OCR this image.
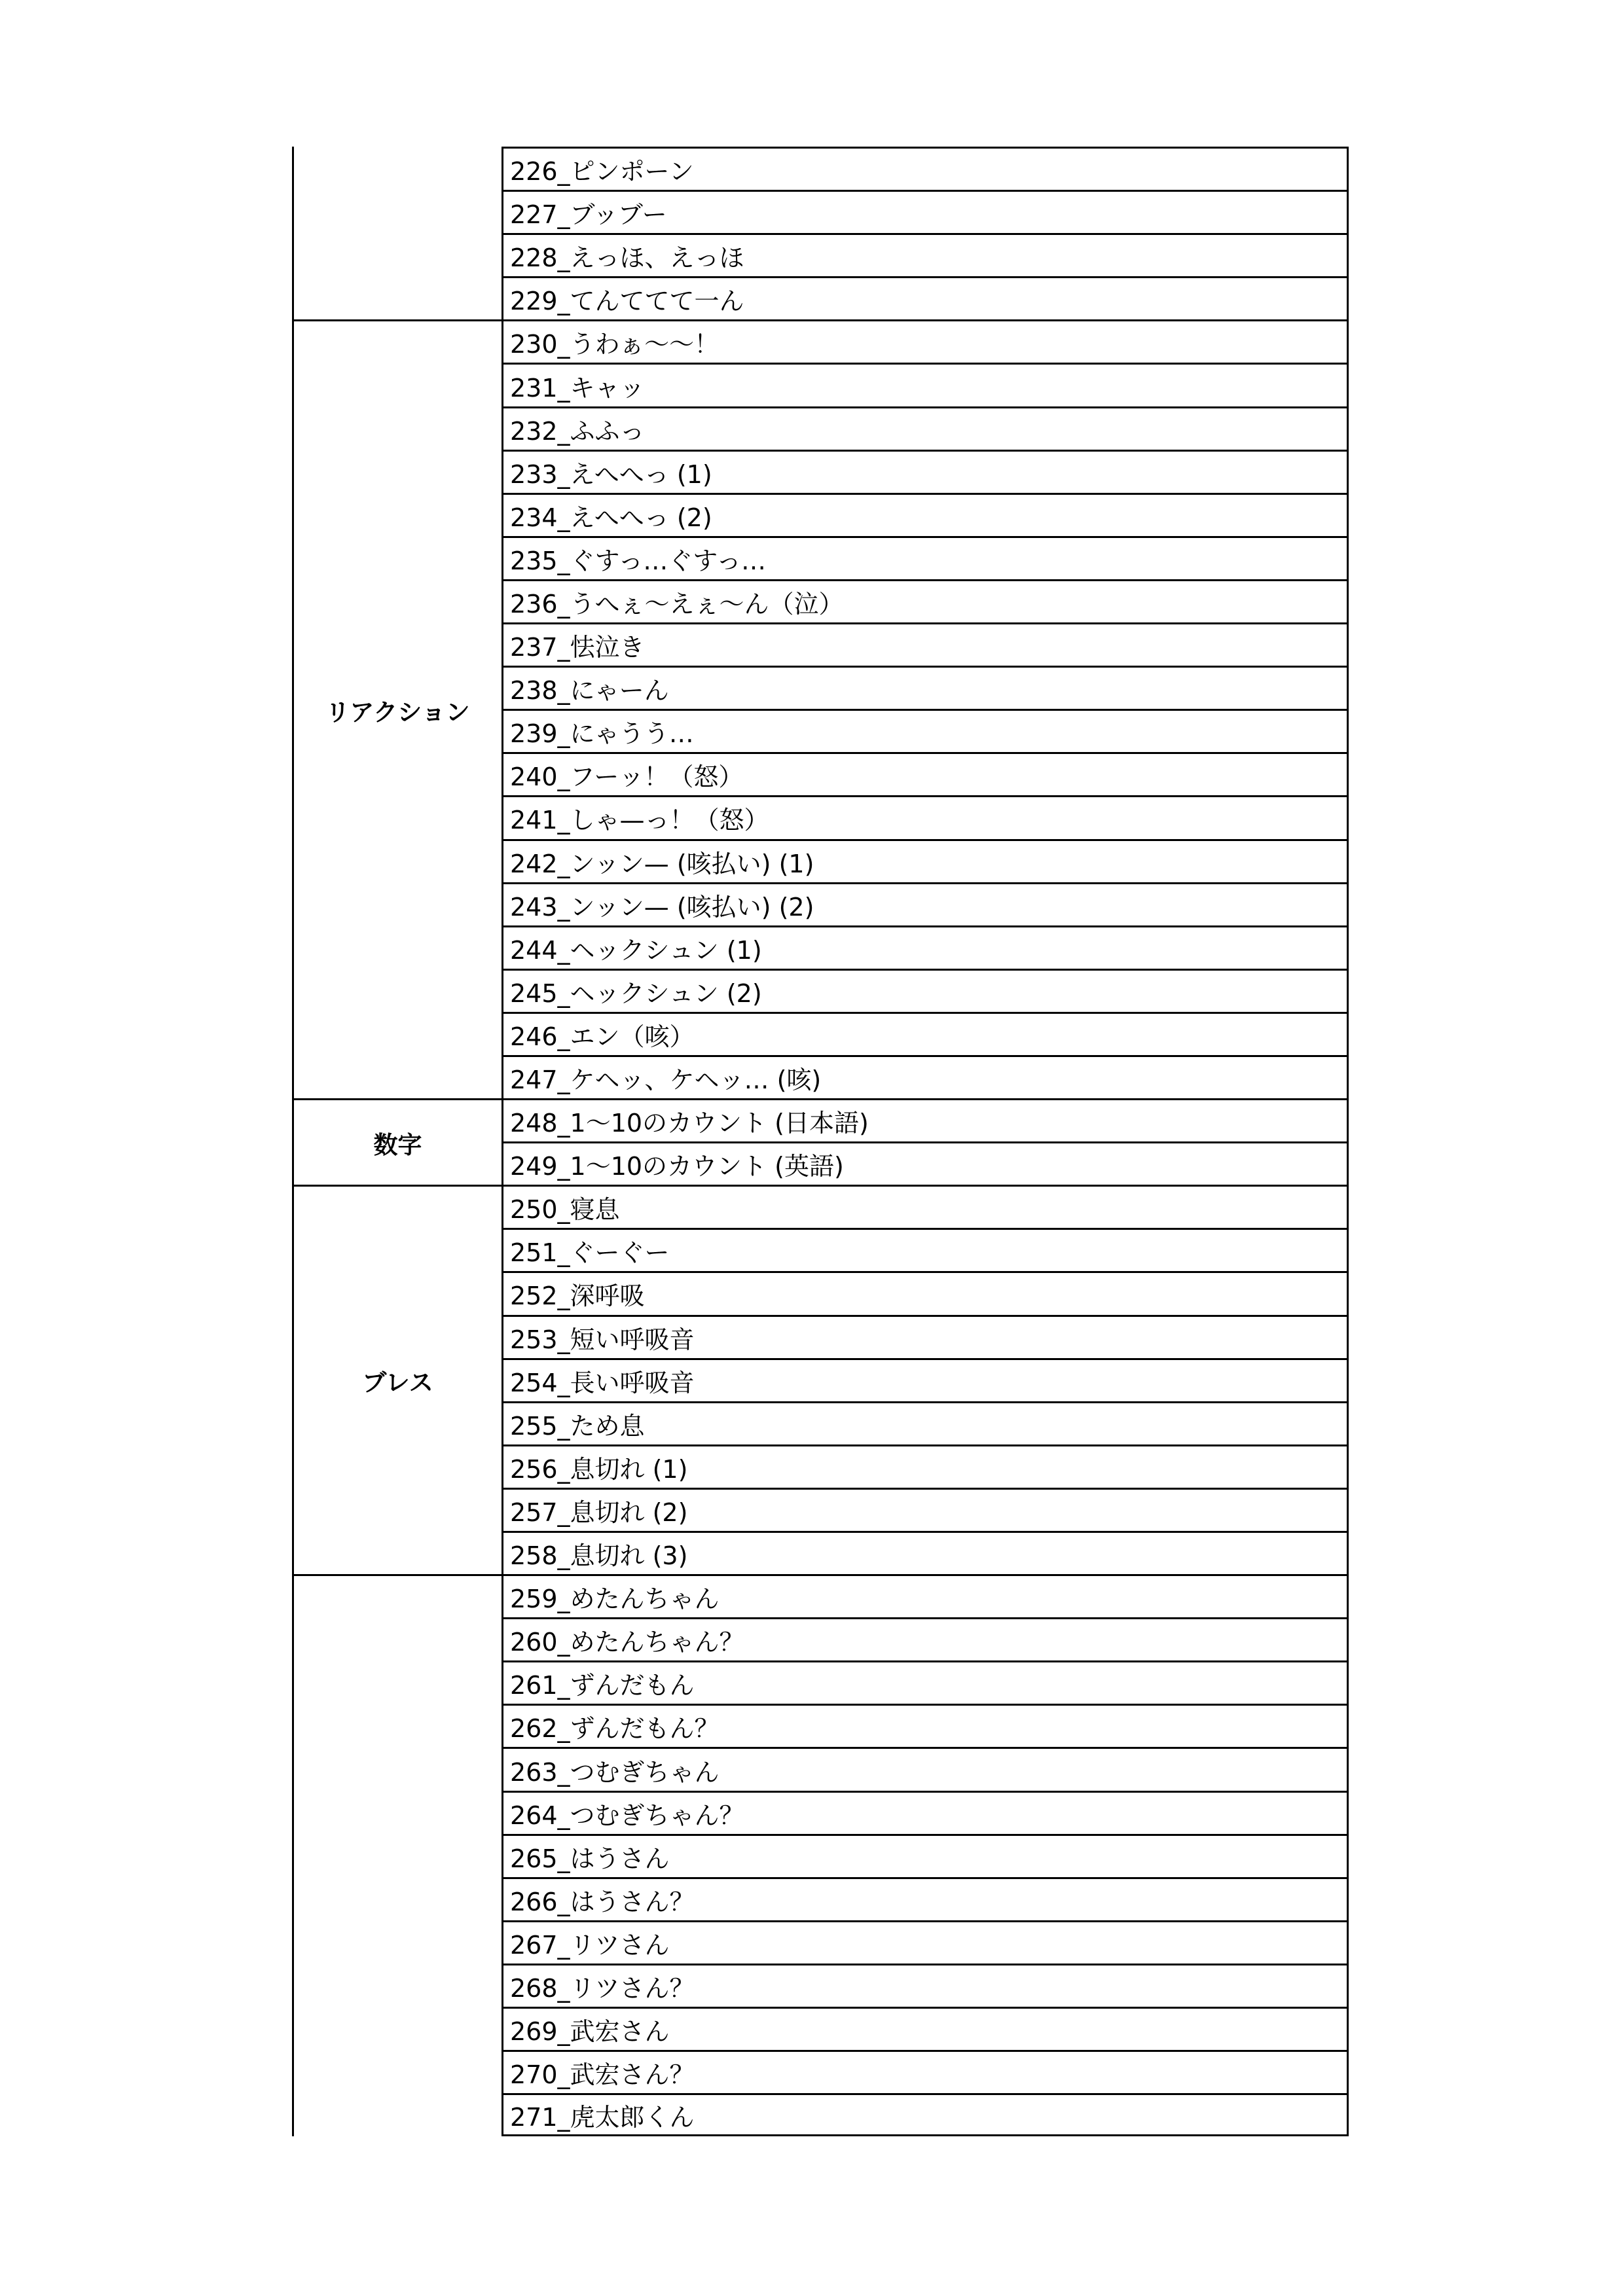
226_ピンポーン
227_ブッブー
228_えっほ、えっほ
229_てんててて一ん
リアクション
230_うわぁ〜〜！
231_キャッ
232_ふふっ
233_えへへっ (1)
234_えへへっ (2)
235_ぐすっ…ぐすっ…
236_うへぇ〜えぇ〜ん（泣）
237_怯泣き
238_にゃーん
239_にゃうう…
240_フーッ！（怒）
241_しゃ—っ！（怒）
242_ンッン— (咳払い) (1)
243_ンッン— (咳払い) (2)
244_ヘックシュン (1)
245_ヘックシュン (2)
246_エン（咳）
247_ケヘッ、ケヘッ… (咳)
数字
248_1〜10のカウント (日本語)
249_1〜10のカウント (英語)
ブレス
250_寝息
251_ぐーぐー
252_深呼吸
253_短い呼吸音
254_長い呼吸音
255_ため息
256_息切れ (1)
257_息切れ (2)
258_息切れ (3)
259_めたんちゃん
260_めたんちゃん？
261_ずんだもん
262_ずんだもん？
263_つむぎちゃん
264_つむぎちゃん？
265_はうさん
266_はうさん？
267_リツさん
268_リツさん？
269_武宏さん
270_武宏さん？
271_虎太郎くん
